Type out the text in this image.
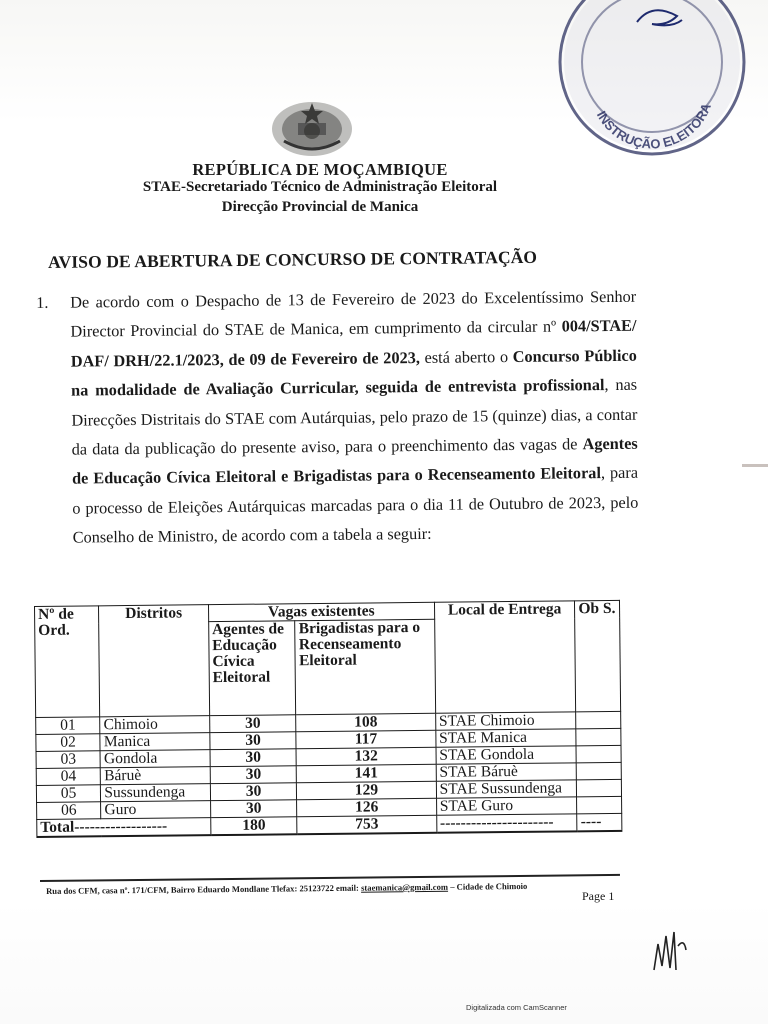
INSTRUÇÃO ELEITORA
REPÚBLICA DE MOÇAMBIQUE
STAE-Secretariado Técnico de Administração Eleitoral
Direcção Provincial de Manica
AVISO DE ABERTURA DE CONCURSO DE CONTRATAÇÃO
1. De acordo com o Despacho de 13 de Fevereiro de 2023 do Excelentíssimo Senhor Director Provincial do STAE de Manica, em cumprimento da circular nº 004/STAE/ DAF/ DRH/22.1/2023, de 09 de Fevereiro de 2023, está aberto o Concurso Público na modalidade de Avaliação Curricular, seguida de entrevista profissional, nas Direcções Distritais do STAE com Autárquias, pelo prazo de 15 (quinze) dias, a contar da data da publicação do presente aviso, para o preenchimento das vagas de Agentes de Educação Cívica Eleitoral e Brigadistas para o Recenseamento Eleitoral, para o processo de Eleições Autárquicas marcadas para o dia 11 de Outubro de 2023, pelo Conselho de Ministro, de acordo com a tabela a seguir:
Nº de Ord.	Distritos	Vagas existentes		Local de Entrega	Ob S.
		Agentes de Educação Cívica Eleitoral	Brigadistas para o Recenseamento Eleitoral		
01	Chimoio	30	108	STAE Chimoio	
02	Manica	30	117	STAE Manica	
03	Gondola	30	132	STAE Gondola	
04	Báruè	30	141	STAE Báruè	
05	Sussundenga	30	129	STAE Sussundenga	
06	Guro	30	126	STAE Guro	
Total------------------		180	753	----------------------	----
Rua dos CFM, casa nº. 171/CFM, Bairro Eduardo Mondlane Tlefax: 25123722 email: staemanica@gmail.com – Cidade de Chimoio
Page 1
Digitalizada com CamScanner
